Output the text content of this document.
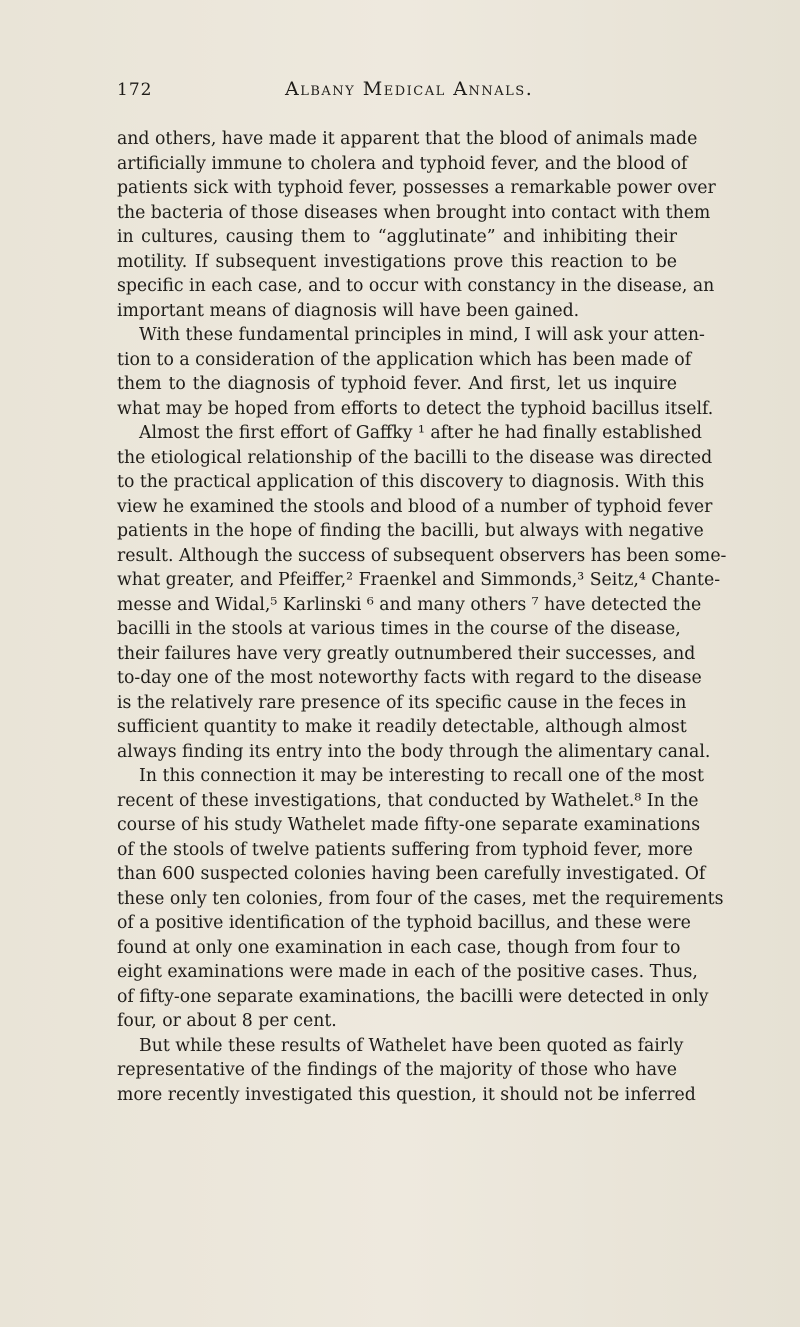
172	Albany Medical Annals.
and others, have made it apparent that the blood of animals made
artificially immune to cholera and typhoid fever, and the blood of
patients sick with typhoid fever, possesses a remarkable power over
the bacteria of those diseases when brought into contact with them
in cultures, causing them to “agglutinate” and inhibiting their
motility. If subsequent investigations prove this reaction to be
specific in each case, and to occur with constancy in the disease, an
important means of diagnosis will have been gained.
With these fundamental principles in mind, I will ask your atten-
tion to a consideration of the application which has been made of
them to the diagnosis of typhoid fever. And first, let us inquire
what may be hoped from efforts to detect the typhoid bacillus itself.
Almost the first effort of Gaffky ¹ after he had finally established
the etiological relationship of the bacilli to the disease was directed
to the practical application of this discovery to diagnosis. With this
view he examined the stools and blood of a number of typhoid fever
patients in the hope of finding the bacilli, but always with negative
result. Although the success of subsequent observers has been some-
what greater, and Pfeiffer,² Fraenkel and Simmonds,³ Seitz,⁴ Chante-
messe and Widal,⁵ Karlinski ⁶ and many others ⁷ have detected the
bacilli in the stools at various times in the course of the disease,
their failures have very greatly outnumbered their successes, and
to-day one of the most noteworthy facts with regard to the disease
is the relatively rare presence of its specific cause in the feces in
sufficient quantity to make it readily detectable, although almost
always finding its entry into the body through the alimentary canal.
In this connection it may be interesting to recall one of the most
recent of these investigations, that conducted by Wathelet.⁸ In the
course of his study Wathelet made fifty-one separate examinations
of the stools of twelve patients suffering from typhoid fever, more
than 600 suspected colonies having been carefully investigated. Of
these only ten colonies, from four of the cases, met the requirements
of a positive identification of the typhoid bacillus, and these were
found at only one examination in each case, though from four to
eight examinations were made in each of the positive cases. Thus,
of fifty-one separate examinations, the bacilli were detected in only
four, or about 8 per cent.
But while these results of Wathelet have been quoted as fairly
representative of the findings of the majority of those who have
more recently investigated this question, it should not be inferred
